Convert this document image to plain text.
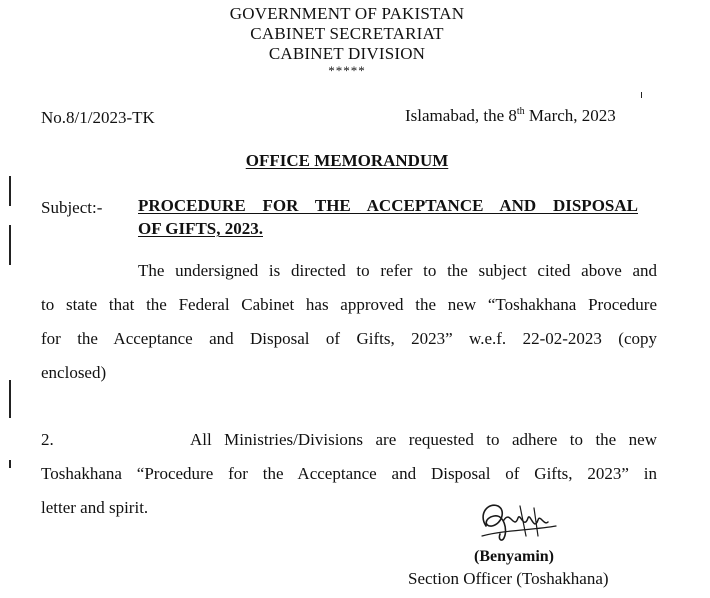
GOVERNMENT OF PAKISTAN
CABINET SECRETARIAT
CABINET DIVISION
*****
No.8/1/2023-TK	Islamabad, the 8th March, 2023
OFFICE MEMORANDUM
Subject:- PROCEDURE FOR THE ACCEPTANCE AND DISPOSAL
OF GIFTS, 2023.
The undersigned is directed to refer to the subject cited above and
to state that the Federal Cabinet has approved the new “Toshakhana Procedure
for the Acceptance and Disposal of Gifts, 2023” w.e.f. 22-02-2023 (copy
enclosed)
2.	All Ministries/Divisions are requested to adhere to the new
Toshakhana “Procedure for the Acceptance and Disposal of Gifts, 2023” in
letter and spirit.
(Benyamin)
Section Officer (Toshakhana)
